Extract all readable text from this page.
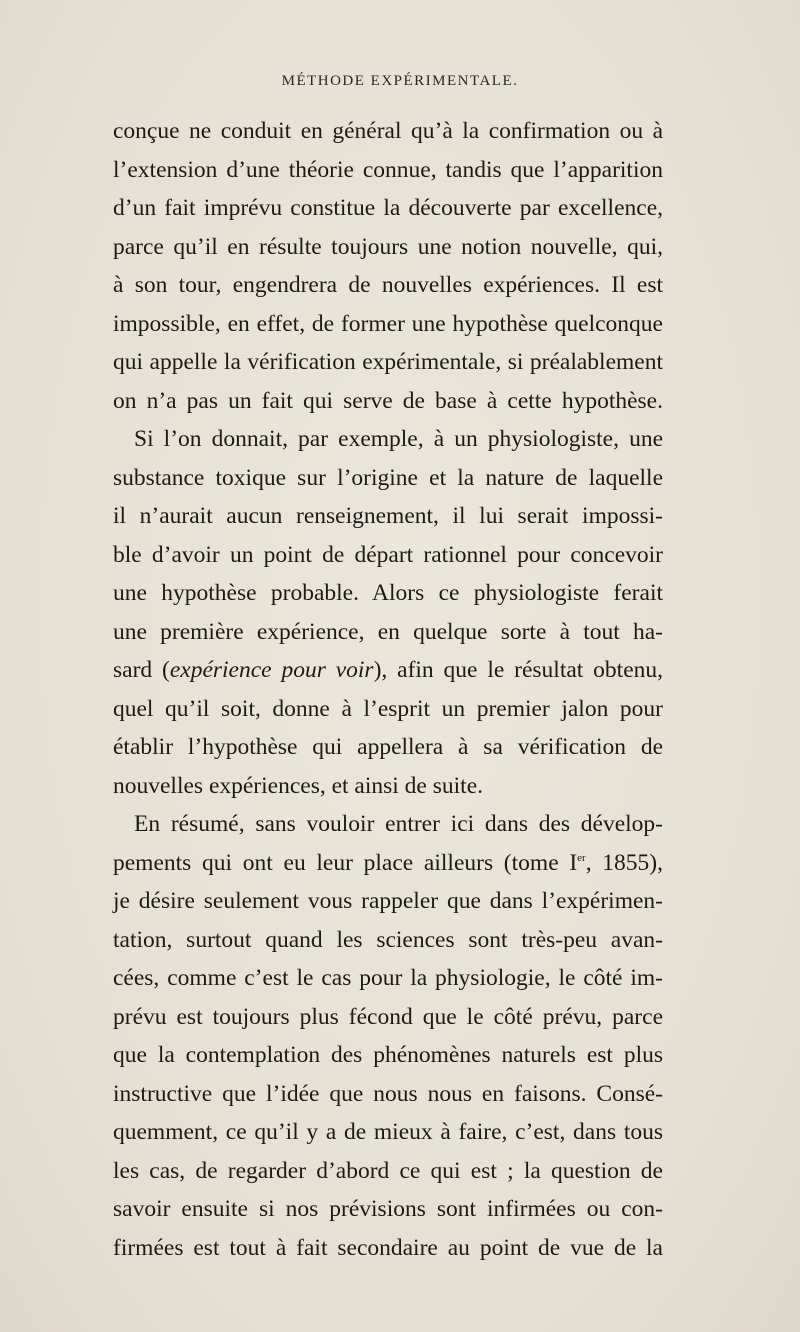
MÉTHODE EXPÉRIMENTALE.
conçue ne conduit en général qu’à la confirmation ou à
l’extension d’une théorie connue, tandis que l’apparition
d’un fait imprévu constitue la découverte par excellence,
parce qu’il en résulte toujours une notion nouvelle, qui,
à son tour, engendrera de nouvelles expériences. Il est
impossible, en effet, de former une hypothèse quelconque
qui appelle la vérification expérimentale, si préalablement
on n’a pas un fait qui serve de base à cette hypothèse.
Si l’on donnait, par exemple, à un physiologiste, une
substance toxique sur l’origine et la nature de laquelle
il n’aurait aucun renseignement, il lui serait impossi-
ble d’avoir un point de départ rationnel pour concevoir
une hypothèse probable. Alors ce physiologiste ferait
une première expérience, en quelque sorte à tout ha-
sard (expérience pour voir), afin que le résultat obtenu,
quel qu’il soit, donne à l’esprit un premier jalon pour
établir l’hypothèse qui appellera à sa vérification de
nouvelles expériences, et ainsi de suite.
En résumé, sans vouloir entrer ici dans des dévelop-
pements qui ont eu leur place ailleurs (tome Ier, 1855),
je désire seulement vous rappeler que dans l’expérimen-
tation, surtout quand les sciences sont très-peu avan-
cées, comme c’est le cas pour la physiologie, le côté im-
prévu est toujours plus fécond que le côté prévu, parce
que la contemplation des phénomènes naturels est plus
instructive que l’idée que nous nous en faisons. Consé-
quemment, ce qu’il y a de mieux à faire, c’est, dans tous
les cas, de regarder d’abord ce qui est ; la question de
savoir ensuite si nos prévisions sont infirmées ou con-
firmées est tout à fait secondaire au point de vue de la
